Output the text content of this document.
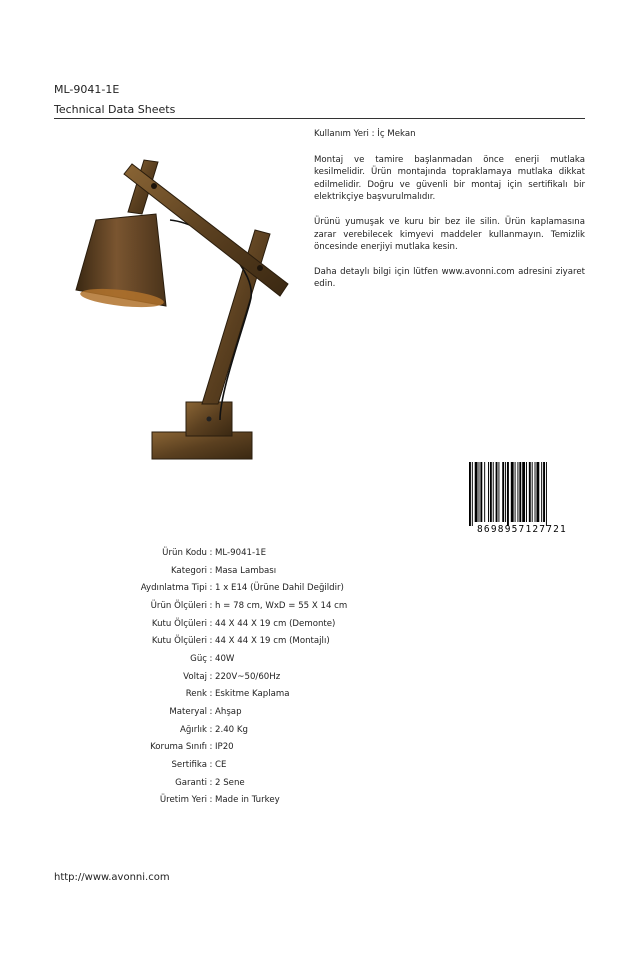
ML-9041-1E
Technical Data Sheets

Kullanım Yeri : İç Mekan

Montaj ve tamire başlanmadan önce enerji mutlaka kesilmelidir. Ürün montajında topraklamaya mutlaka dikkat edilmelidir. Doğru ve güvenli bir montaj için sertifikalı bir elektrikçiye başvurulmalıdır.

Ürünü yumuşak ve kuru bir bez ile silin. Ürün kaplamasına zarar verebilecek kimyevi maddeler kullanmayın. Temizlik öncesinde enerjiyi mutlaka kesin.

Daha detaylı bilgi için lütfen www.avonni.com adresini ziyaret edin.

8698957127721
Ürün Kodu : ML-9041-1E
Kategori : Masa Lambası
Aydınlatma Tipi : 1 x E14 (Ürüne Dahil Değildir)
Ürün Ölçüleri : h = 78 cm, WxD = 55 X 14 cm
Kutu Ölçüleri : 44 X 44 X 19 cm (Demonte)
Kutu Ölçüleri : 44 X 44 X 19 cm (Montajlı)
Güç : 40W
Voltaj : 220V~50/60Hz
Renk : Eskitme Kaplama
Materyal : Ahşap
Ağırlık : 2.40 Kg
Koruma Sınıfı : IP20
Sertifika : CE
Garanti : 2 Sene
Üretim Yeri : Made in Turkey
http://www.avonni.com
